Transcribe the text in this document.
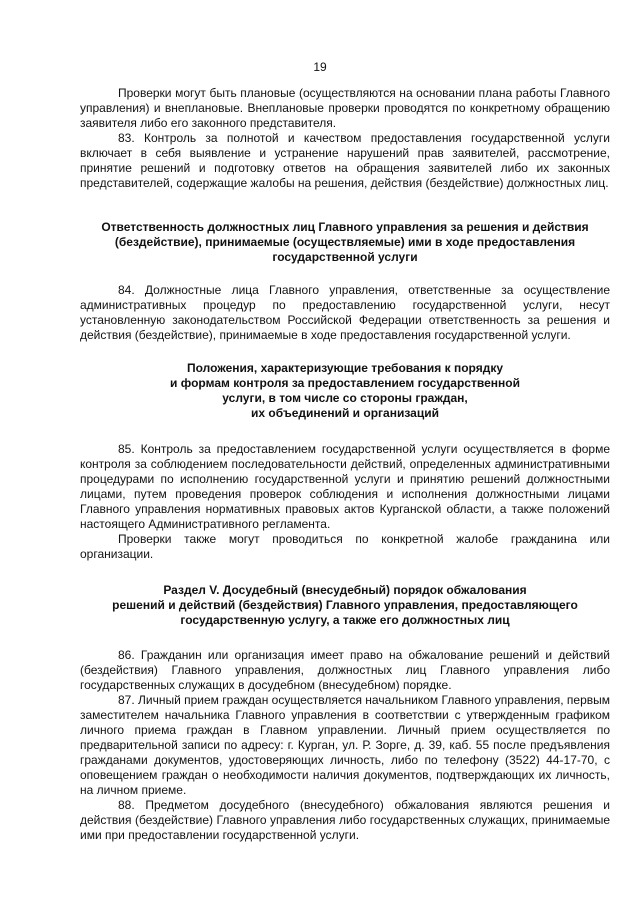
19

Проверки могут быть плановые (осуществляются на основании плана работы Главного управления) и внеплановые. Внеплановые проверки проводятся по конкретному обращению заявителя либо его законного представителя.

83. Контроль за полнотой и качеством предоставления государственной услуги включает в себя выявление и устранение нарушений прав заявителей, рассмотрение, принятие решений и подготовку ответов на обращения заявителей либо их законных представителей, содержащие жалобы на решения, действия (бездействие) должностных лиц.

Ответственность должностных лиц Главного управления за решения и действия (бездействие), принимаемые (осуществляемые) ими в ходе предоставления государственной услуги

84. Должностные лица Главного управления, ответственные за осуществление административных процедур по предоставлению государственной услуги, несут установленную законодательством Российской Федерации ответственность за решения и действия (бездействие), принимаемые в ходе предоставления государственной услуги.

Положения, характеризующие требования к порядку
и формам контроля за предоставлением государственной
услуги, в том числе со стороны граждан,
их объединений и организаций

85. Контроль за предоставлением государственной услуги осуществляется в форме контроля за соблюдением последовательности действий, определенных административными процедурами по исполнению государственной услуги и принятию решений должностными лицами, путем проведения проверок соблюдения и исполнения должностными лицами Главного управления нормативных правовых актов Курганской области, а также положений настоящего Административного регламента.

Проверки также могут проводиться по конкретной жалобе гражданина или организации.

Раздел V. Досудебный (внесудебный) порядок обжалования
решений и действий (бездействия) Главного управления, предоставляющего
государственную услугу, а также его должностных лиц

86. Гражданин или организация имеет право на обжалование решений и действий (бездействия) Главного управления, должностных лиц Главного управления либо государственных служащих в досудебном (внесудебном) порядке.

87. Личный прием граждан осуществляется начальником Главного управления, первым заместителем начальника Главного управления в соответствии с утвержденным графиком личного приема граждан в Главном управлении. Личный прием осуществляется по предварительной записи по адресу: г. Курган, ул. Р. Зорге, д. 39, каб. 55 после предъявления гражданами документов, удостоверяющих личность, либо по телефону (3522) 44-17-70, с оповещением граждан о необходимости наличия документов, подтверждающих их личность, на личном приеме.

88. Предметом досудебного (внесудебного) обжалования являются решения и действия (бездействие) Главного управления либо государственных служащих, принимаемые ими при предоставлении государственной услуги.
